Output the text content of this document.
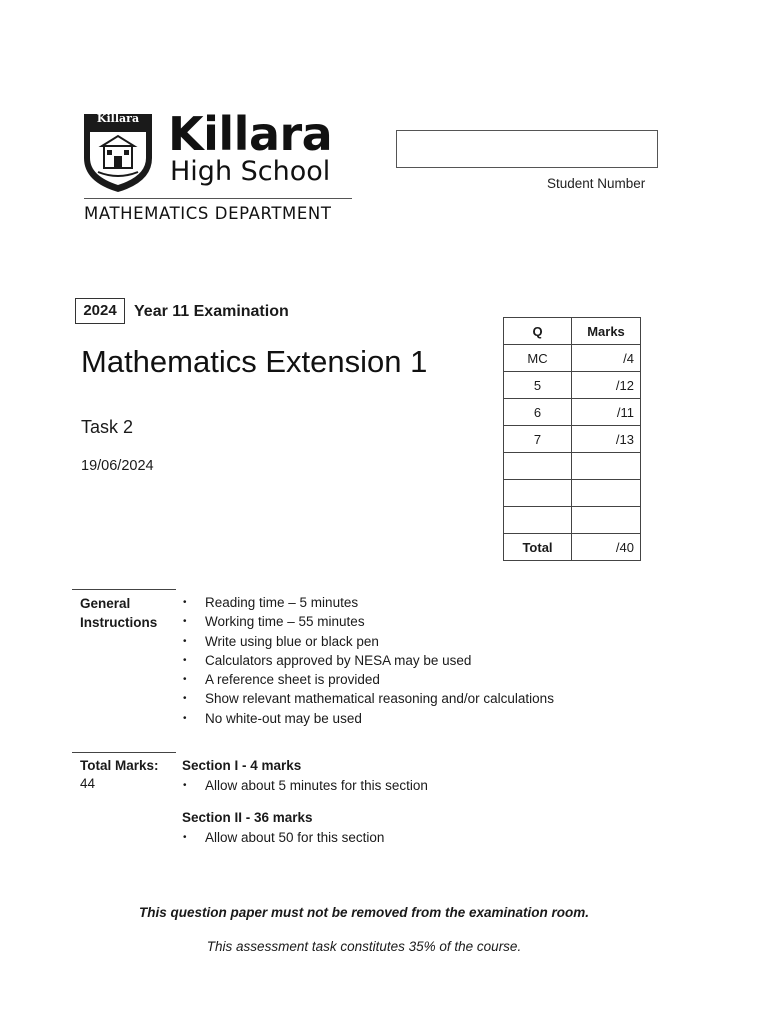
Killara Killara
High School
MATHEMATICS DEPARTMENT
Student Number
2024	Year 11 Examination
Mathematics Extension 1
Task 2
19/06/2024
Q	Marks
MC	/4
5	/12
6	/11
7	/13

Total	/40
General
Instructions
• Reading time – 5 minutes
• Working time – 55 minutes
• Write using blue or black pen
• Calculators approved by NESA may be used
• A reference sheet is provided
• Show relevant mathematical reasoning and/or calculations
• No white-out may be used
Total Marks:
44
Section I - 4 marks
• Allow about 5 minutes for this section
Section II - 36 marks
• Allow about 50 for this section
This question paper must not be removed from the examination room.
This assessment task constitutes 35% of the course.
